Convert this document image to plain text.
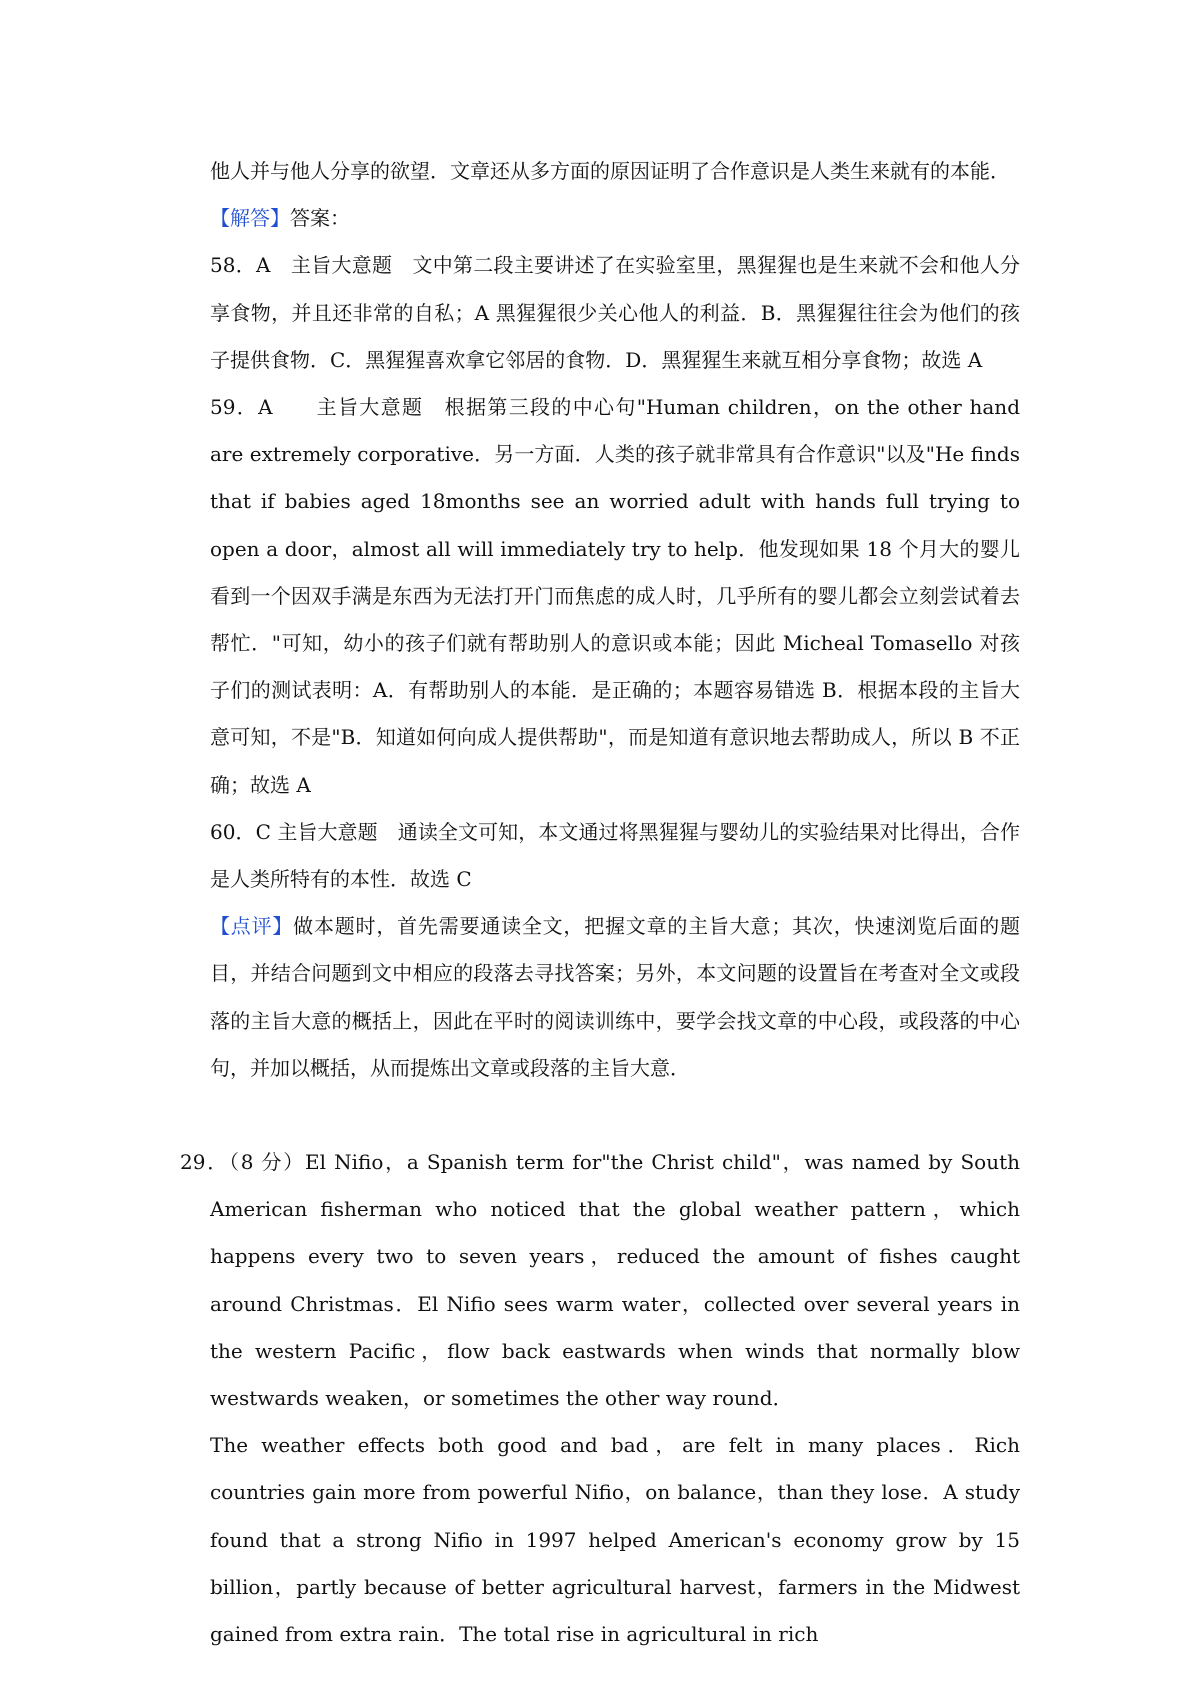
他人并与他人分享的欲望．文章还从多方面的原因证明了合作意识是人类生来就有的本能．

【解答】答案：

58．A　主旨大意题　文中第二段主要讲述了在实验室里，黑猩猩也是生来就不会和他人分享食物，并且还非常的自私；A 黑猩猩很少关心他人的利益．B．黑猩猩往往会为他们的孩子提供食物．C．黑猩猩喜欢拿它邻居的食物．D．黑猩猩生来就互相分享食物；故选 A

59．A　　主旨大意题　根据第三段的中心句"Human children，on the other hand are extremely corporative．另一方面．人类的孩子就非常具有合作意识"以及"He finds that if babies aged 18months see an worried adult with hands full trying to open a door，almost all will immediately try to help．他发现如果 18 个月大的婴儿看到一个因双手满是东西为无法打开门而焦虑的成人时，几乎所有的婴儿都会立刻尝试着去帮忙．"可知，幼小的孩子们就有帮助别人的意识或本能；因此 Micheal Tomasello 对孩子们的测试表明：A．有帮助别人的本能．是正确的；本题容易错选 B．根据本段的主旨大意可知，不是"B．知道如何向成人提供帮助"，而是知道有意识地去帮助成人，所以 B 不正确；故选 A

60．C 主旨大意题　通读全文可知，本文通过将黑猩猩与婴幼儿的实验结果对比得出，合作是人类所特有的本性．故选 C

【点评】做本题时，首先需要通读全文，把握文章的主旨大意；其次，快速浏览后面的题目，并结合问题到文中相应的段落去寻找答案；另外，本文问题的设置旨在考查对全文或段落的主旨大意的概括上，因此在平时的阅读训练中，要学会找文章的中心段，或段落的中心句，并加以概括，从而提炼出文章或段落的主旨大意．

29．（8 分）El Nifio，a Spanish term for"the Christ child"，was named by South American fisherman who noticed that the global weather pattern，which happens every two to seven years，reduced the amount of fishes caught around Christmas．El Nifio sees warm water，collected over several years in the western Pacific，flow back eastwards when winds that normally blow westwards weaken，or sometimes the other way round．

The weather effects both good and bad，are felt in many places．Rich countries gain more from powerful Nifio，on balance，than they lose．A study found that a strong Nifio in 1997 helped American's economy grow by 15 billion，partly because of better agricultural harvest，farmers in the Midwest gained from extra rain．The total rise in agricultural in rich
